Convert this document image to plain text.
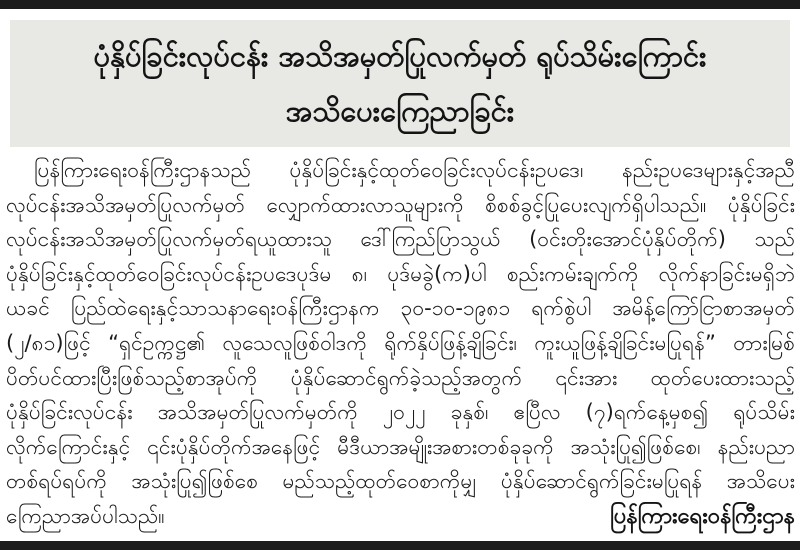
ပုံနှိပ်ခြင်းလုပ်ငန်း အသိအမှတ်ပြုလက်မှတ် ရုပ်သိမ်းကြောင်း
အသိပေးကြေညာခြင်း
ပြန်ကြားရေးဝန်ကြီးဌာနသည် ပုံနှိပ်ခြင်းနှင့်ထုတ်ဝေခြင်းလုပ်ငန်းဥပဒေ၊ နည်းဥပဒေများနှင့်အညီ
လုပ်ငန်းအသိအမှတ်ပြုလက်မှတ် လျှောက်ထားလာသူများကို စိစစ်ခွင့်ပြုပေးလျက်ရှိပါသည်။ ပုံနှိပ်ခြင်း
လုပ်ငန်းအသိအမှတ်ပြုလက်မှတ်ရယူထားသူ ဒေါ်ကြည်ပြာသွယ် (ဝင်းတိုးအောင်ပုံနှိပ်တိုက်) သည်
ပုံနှိပ်ခြင်းနှင့်ထုတ်ဝေခြင်းလုပ်ငန်းဥပဒေပုဒ်မ ၈၊ ပုဒ်မခွဲ(က)ပါ စည်းကမ်းချက်ကို လိုက်နာခြင်းမရှိဘဲ
ယခင် ပြည်ထဲရေးနှင့်သာသနာရေးဝန်ကြီးဌာနက ၃၀-၁၀-၁၉၈၁ ရက်စွဲပါ အမိန့်ကြော်ငြာစာအမှတ်
(၂/၈၁)ဖြင့် “ရှင်ဥက္ကဋ္ဌ၏ လူသေလူဖြစ်ဝါဒကို ရိုက်နှိပ်ဖြန့်ချိခြင်း၊ ကူးယူဖြန့်ချိခြင်းမပြုရန်” တားမြစ်
ပိတ်ပင်ထားပြီးဖြစ်သည့်စာအုပ်ကို ပုံနှိပ်ဆောင်ရွက်ခဲ့သည့်အတွက် ၎င်းအား ထုတ်ပေးထားသည့်
ပုံနှိပ်ခြင်းလုပ်ငန်း အသိအမှတ်ပြုလက်မှတ်ကို ၂၀၂၂ ခုနှစ်၊ ဧပြီလ (၇)ရက်နေ့မှစ၍ ရုပ်သိမ်း
လိုက်ကြောင်းနှင့် ၎င်းပုံနှိပ်တိုက်အနေဖြင့် မီဒီယာအမျိုးအစားတစ်ခုခုကို အသုံးပြု၍ဖြစ်စေ၊ နည်းပညာ
တစ်ရပ်ရပ်ကို အသုံးပြု၍ဖြစ်စေ မည်သည့်ထုတ်ဝေစာကိုမျှ ပုံနှိပ်ဆောင်ရွက်ခြင်းမပြုရန် အသိပေး
ကြေညာအပ်ပါသည်။	ပြန်ကြားရေးဝန်ကြီးဌာန
